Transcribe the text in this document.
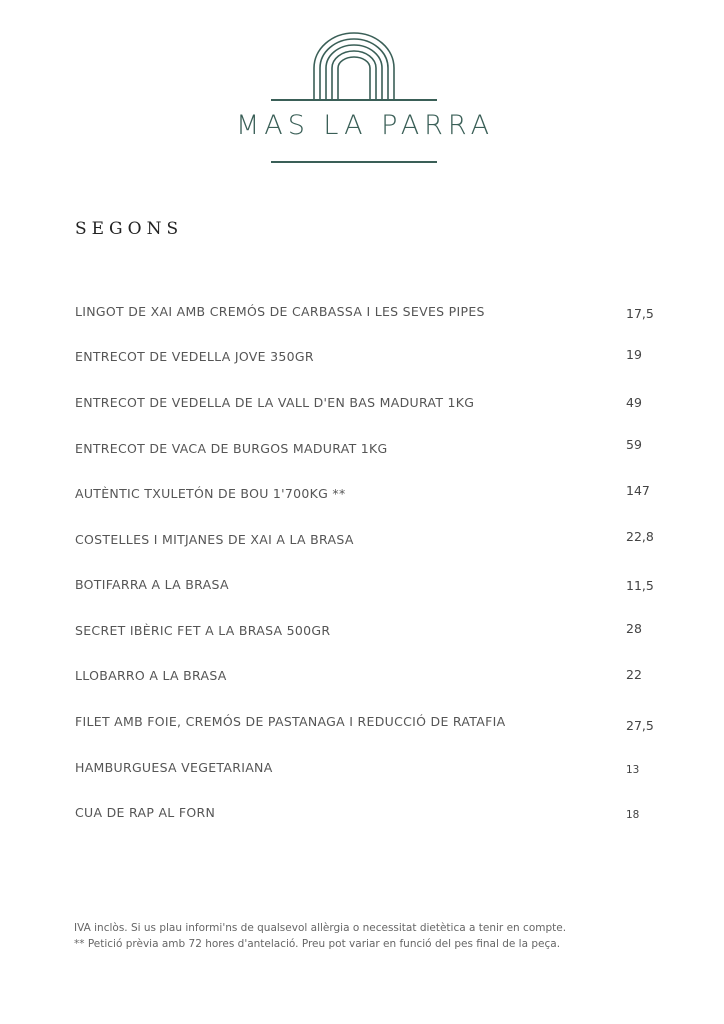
MAS LA PARRA
SEGONS
LINGOT DE XAI AMB CREMÓS DE CARBASSA I LES SEVES PIPES	17,5
ENTRECOT DE VEDELLA JOVE 350GR	19
ENTRECOT DE VEDELLA DE LA VALL D'EN BAS MADURAT 1KG	49
ENTRECOT DE VACA DE BURGOS MADURAT 1KG	59
AUTÈNTIC TXULETÓN DE BOU 1'700KG **	147
COSTELLES I MITJANES DE XAI A LA BRASA	22,8
BOTIFARRA A LA BRASA	11,5
SECRET IBÈRIC FET A LA BRASA 500GR	28
LLOBARRO A LA BRASA	22
FILET AMB FOIE, CREMÓS DE PASTANAGA I REDUCCIÓ DE RATAFIA	27,5
HAMBURGUESA VEGETARIANA	13
CUA DE RAP AL FORN	18
IVA inclòs. Si us plau informi'ns de qualsevol allèrgia o necessitat dietètica a tenir en compte.
** Petició prèvia amb 72 hores d'antelació. Preu pot variar en funció del pes final de la peça.
